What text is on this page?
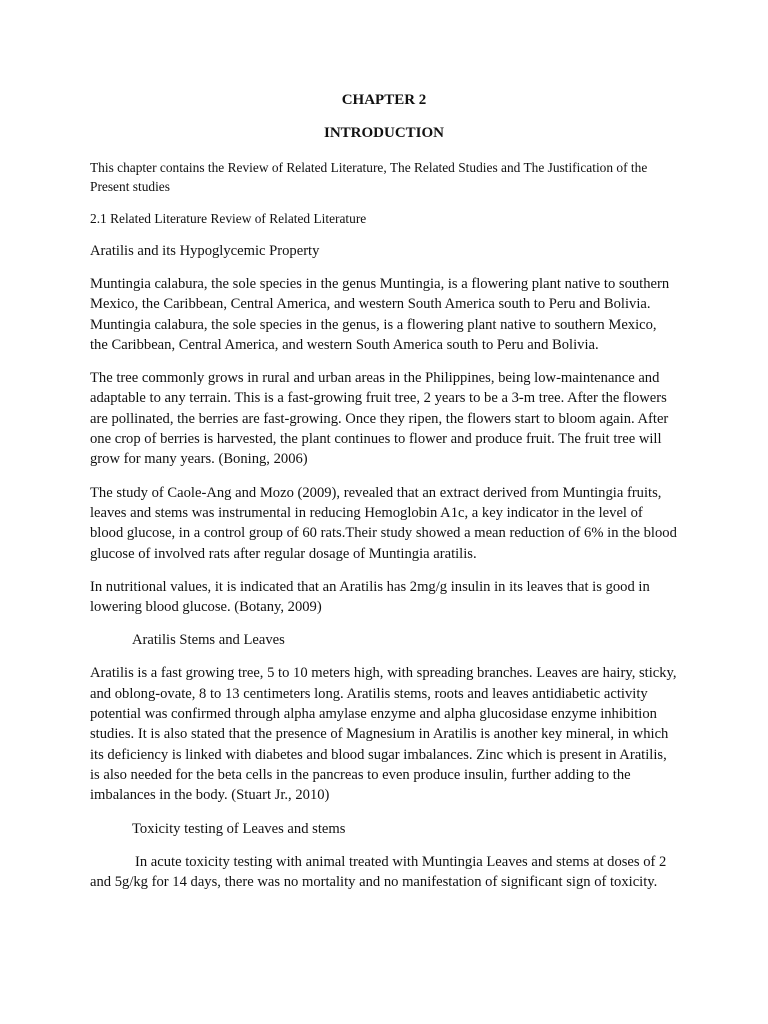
CHAPTER 2
INTRODUCTION

This chapter contains the Review of Related Literature, The Related Studies and The Justification of the Present studies

2.1 Related Literature Review of Related Literature

Aratilis and its Hypoglycemic Property

Muntingia calabura, the sole species in the genus Muntingia, is a flowering plant native to southern Mexico, the Caribbean, Central America, and western South America south to Peru and Bolivia. Muntingia calabura, the sole species in the genus, is a flowering plant native to southern Mexico, the Caribbean, Central America, and western South America south to Peru and Bolivia.

The tree commonly grows in rural and urban areas in the Philippines, being low-maintenance and adaptable to any terrain. This is a fast-growing fruit tree, 2 years to be a 3-m tree. After the flowers are pollinated, the berries are fast-growing. Once they ripen, the flowers start to bloom again. After one crop of berries is harvested, the plant continues to flower and produce fruit. The fruit tree will grow for many years. (Boning, 2006)

The study of Caole-Ang and Mozo (2009), revealed that an extract derived from Muntingia fruits, leaves and stems was instrumental in reducing Hemoglobin A1c, a key indicator in the level of blood glucose, in a control group of 60 rats.Their study showed a mean reduction of 6% in the blood glucose of involved rats after regular dosage of Muntingia aratilis.

In nutritional values, it is indicated that an Aratilis has 2mg/g insulin in its leaves that is good in lowering blood glucose. (Botany, 2009)

Aratilis Stems and Leaves

Aratilis is a fast growing tree, 5 to 10 meters high, with spreading branches. Leaves are hairy, sticky, and oblong-ovate, 8 to 13 centimeters long. Aratilis stems, roots and leaves antidiabetic activity potential was confirmed through alpha amylase enzyme and alpha glucosidase enzyme inhibition studies. It is also stated that the presence of Magnesium in Aratilis is another key mineral, in which its deficiency is linked with diabetes and blood sugar imbalances. Zinc which is present in Aratilis, is also needed for the beta cells in the pancreas to even produce insulin, further adding to the imbalances in the body. (Stuart Jr., 2010)

Toxicity testing of Leaves and stems

In acute toxicity testing with animal treated with Muntingia Leaves and stems at doses of 2 and 5g/kg for 14 days, there was no mortality and no manifestation of significant sign of toxicity.
